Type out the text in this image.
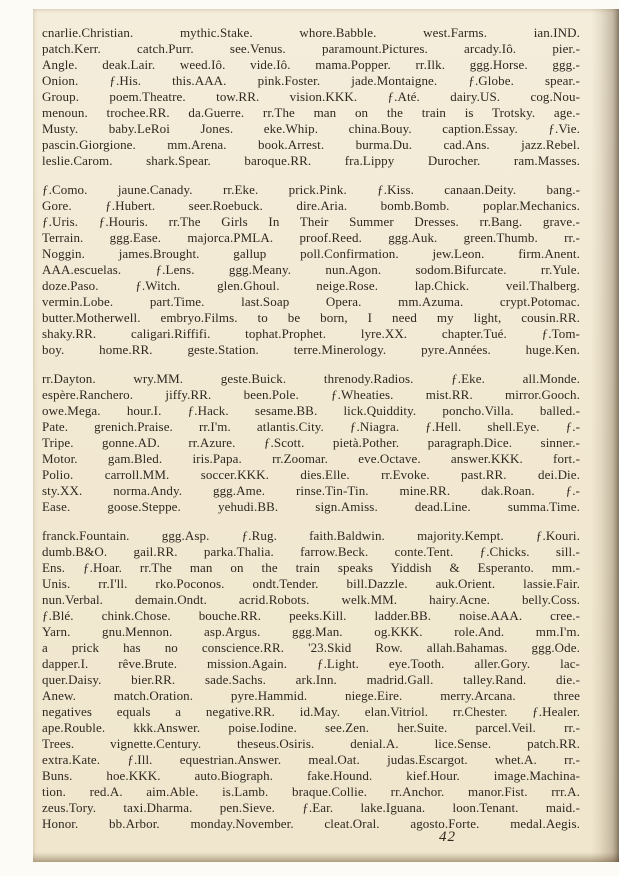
cnarlie.Christian. mythic.Stake. whore.Babble. west.Farms. ian.IND.
patch.Kerr. catch.Purr. see.Venus. paramount.Pictures. arcady.Iô. pier.-
Angle. deak.Lair. weed.Iô. vide.Iô. mama.Popper. rr.Ilk. ggg.Horse. ggg.-
Onion. ƒ.His. this.AAA. pink.Foster. jade.Montaigne. ƒ.Globe. spear.-
Group. poem.Theatre. tow.RR. vision.KKK. ƒ.Até. dairy.US. cog.Nou-
menoun. trochee.RR. da.Guerre. rr.The man on the train is Trotsky. age.-
Musty. baby.LeRoi Jones. eke.Whip. china.Bouy. caption.Essay. ƒ.Vie.
pascin.Giorgione. mm.Arena. book.Arrest. burma.Du. cad.Ans. jazz.Rebel.
leslie.Carom. shark.Spear. baroque.RR. fra.Lippy Durocher. ram.Masses.

ƒ.Como. jaune.Canady. rr.Eke. prick.Pink. ƒ.Kiss. canaan.Deity. bang.-
Gore. ƒ.Hubert. seer.Roebuck. dire.Aria. bomb.Bomb. poplar.Mechanics.
ƒ.Uris. ƒ.Houris. rr.The Girls In Their Summer Dresses. rr.Bang. grave.-
Terrain. ggg.Ease. majorca.PMLA. proof.Reed. ggg.Auk. green.Thumb. rr.-
Noggin. james.Brought. gallup poll.Confirmation. jew.Leon. firm.Anent.
AAA.escuelas. ƒ.Lens. ggg.Meany. nun.Agon. sodom.Bifurcate. rr.Yule.
doze.Paso. ƒ.Witch. glen.Ghoul. neige.Rose. lap.Chick. veil.Thalberg.
vermin.Lobe. part.Time. last.Soap Opera. mm.Azuma. crypt.Potomac.
butter.Motherwell. embryo.Films. to be born, I need my light, cousin.RR.
shaky.RR. caligari.Riffifi. tophat.Prophet. lyre.XX. chapter.Tué. ƒ.Tom-
boy. home.RR. geste.Station. terre.Minerology. pyre.Années. huge.Ken.

rr.Dayton. wry.MM. geste.Buick. threnody.Radios. ƒ.Eke. all.Monde.
espère.Ranchero. jiffy.RR. been.Pole. ƒ.Wheaties. mist.RR. mirror.Gooch.
owe.Mega. hour.I. ƒ.Hack. sesame.BB. lick.Quiddity. poncho.Villa. balled.-
Pate. grenich.Praise. rr.I'm. atlantis.City. ƒ.Niagra. ƒ.Hell. shell.Eye. ƒ.-
Tripe. gonne.AD. rr.Azure. ƒ.Scott. pietà.Pother. paragraph.Dice. sinner.-
Motor. gam.Bled. iris.Papa. rr.Zoomar. eve.Octave. answer.KKK. fort.-
Polio. carroll.MM. soccer.KKK. dies.Elle. rr.Evoke. past.RR. dei.Die.
sty.XX. norma.Andy. ggg.Ame. rinse.Tin-Tin. mine.RR. dak.Roan. ƒ.-
Ease. goose.Steppe. yehudi.BB. sign.Amiss. dead.Line. summa.Time.

franck.Fountain. ggg.Asp. ƒ.Rug. faith.Baldwin. majority.Kempt. ƒ.Kouri.
dumb.B&O. gail.RR. parka.Thalia. farrow.Beck. conte.Tent. ƒ.Chicks. sill.-
Ens. ƒ.Hoar. rr.The man on the train speaks Yiddish & Esperanto. mm.-
Unis. rr.I'll. rko.Poconos. ondt.Tender. bill.Dazzle. auk.Orient. lassie.Fair.
nun.Verbal. demain.Ondt. acrid.Robots. welk.MM. hairy.Acne. belly.Coss.
ƒ.Blé. chink.Chose. bouche.RR. peeks.Kill. ladder.BB. noise.AAA. cree.-
Yarn. gnu.Mennon. asp.Argus. ggg.Man. og.KKK. role.And. mm.I'm.
a prick has no conscience.RR. '23.Skid Row. allah.Bahamas. ggg.Ode.
dapper.I. rêve.Brute. mission.Again. ƒ.Light. eye.Tooth. aller.Gory. lac-
quer.Daisy. bier.RR. sade.Sachs. ark.Inn. madrid.Gall. talley.Rand. die.-
Anew. match.Oration. pyre.Hammid. niege.Eire. merry.Arcana. three
negatives equals a negative.RR. id.May. elan.Vitriol. rr.Chester. ƒ.Healer.
ape.Rouble. kkk.Answer. poise.Iodine. see.Zen. her.Suite. parcel.Veil. rr.-
Trees. vignette.Century. theseus.Osiris. denial.A. lice.Sense. patch.RR.
extra.Kate. ƒ.Ill. equestrian.Answer. meal.Oat. judas.Escargot. whet.A. rr.-
Buns. hoe.KKK. auto.Biograph. fake.Hound. kief.Hour. image.Machina-
tion. red.A. aim.Able. is.Lamb. braque.Collie. rr.Anchor. manor.Fist. rrr.A.
zeus.Tory. taxi.Dharma. pen.Sieve. ƒ.Ear. lake.Iguana. loon.Tenant. maid.-
Honor. bb.Arbor. monday.November. cleat.Oral. agosto.Forte. medal.Aegis.

42
